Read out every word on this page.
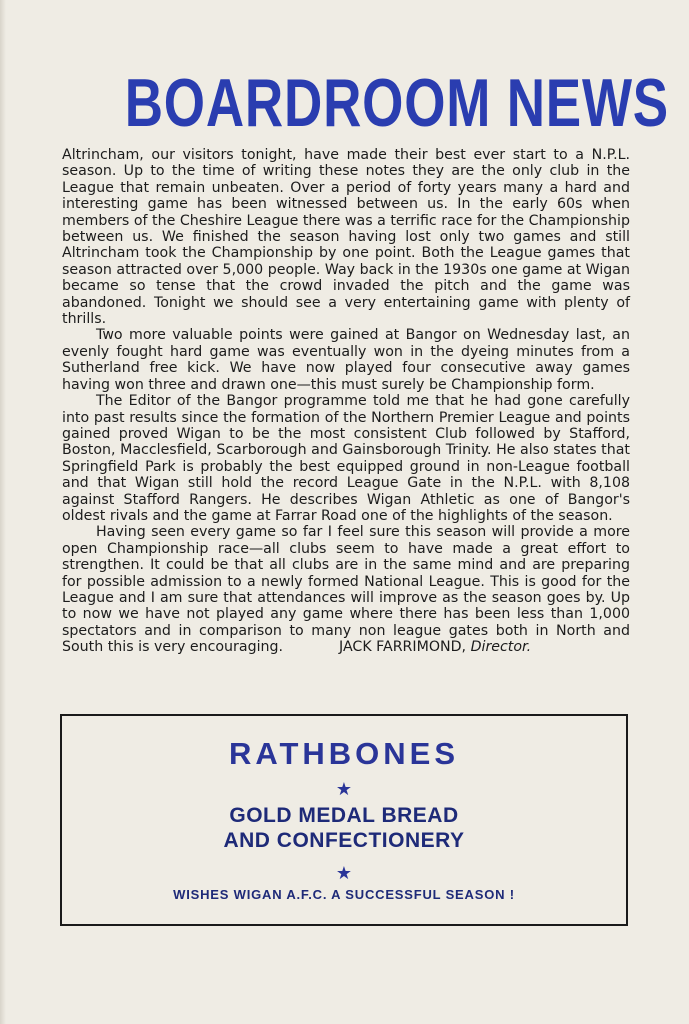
BOARDROOM NEWS

Altrincham, our visitors tonight, have made their best ever start to a N.P.L. season. Up to the time of writing these notes they are the only club in the League that remain unbeaten. Over a period of forty years many a hard and interesting game has been witnessed between us. In the early 60s when members of the Cheshire League there was a terrific race for the Championship between us. We finished the season having lost only two games and still Altrincham took the Championship by one point. Both the League games that season attracted over 5,000 people. Way back in the 1930s one game at Wigan became so tense that the crowd invaded the pitch and the game was abandoned. Tonight we should see a very entertaining game with plenty of thrills.

Two more valuable points were gained at Bangor on Wednesday last, an evenly fought hard game was eventually won in the dyeing minutes from a Sutherland free kick. We have now played four consecutive away games having won three and drawn one—this must surely be Championship form.

The Editor of the Bangor programme told me that he had gone carefully into past results since the formation of the Northern Premier League and points gained proved Wigan to be the most consistent Club followed by Stafford, Boston, Macclesfield, Scarborough and Gainsborough Trinity. He also states that Springfield Park is probably the best equipped ground in non-League football and that Wigan still hold the record League Gate in the N.P.L. with 8,108 against Stafford Rangers. He describes Wigan Athletic as one of Bangor's oldest rivals and the game at Farrar Road one of the highlights of the season.

Having seen every game so far I feel sure this season will provide a more open Championship race—all clubs seem to have made a great effort to strengthen. It could be that all clubs are in the same mind and are preparing for possible admission to a newly formed National League. This is good for the League and I am sure that attendances will improve as the season goes by. Up to now we have not played any game where there has been less than 1,000 spectators and in comparison to many non league gates both in North and South this is very encouraging.	JACK FARRIMOND, Director.

RATHBONES
★
GOLD MEDAL BREAD
AND CONFECTIONERY
★
WISHES WIGAN A.F.C. A SUCCESSFUL SEASON !
